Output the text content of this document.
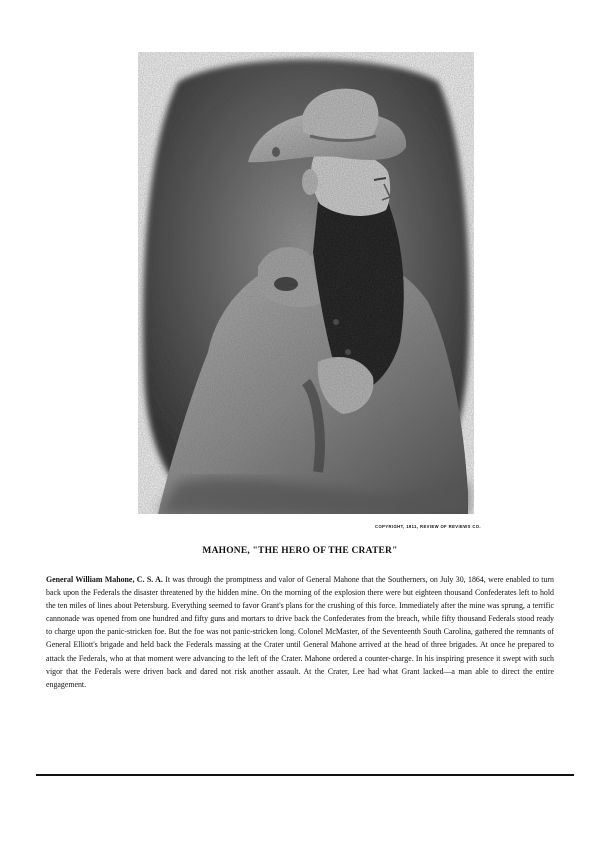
COPYRIGHT, 1911, REVIEW OF REVIEWS CO.
MAHONE, "THE HERO OF THE CRATER"

General William Mahone, C. S. A. It was through the promptness and valor of General Mahone that the Southerners, on July 30, 1864, were enabled to turn back upon the Federals the disaster threatened by the hidden mine. On the morning of the explosion there were but eighteen thousand Confederates left to hold the ten miles of lines about Petersburg. Everything seemed to favor Grant's plans for the crushing of this force. Immediately after the mine was sprung, a terrific cannonade was opened from one hundred and fifty guns and mortars to drive back the Confederates from the breach, while fifty thousand Federals stood ready to charge upon the panic-stricken foe. But the foe was not panic-stricken long. Colonel McMaster, of the Seventeenth South Carolina, gathered the remnants of General Elliott's brigade and held back the Federals massing at the Crater until General Mahone arrived at the head of three brigades. At once he prepared to attack the Federals, who at that moment were advancing to the left of the Crater. Mahone ordered a counter-charge. In his inspiring presence it swept with such vigor that the Federals were driven back and dared not risk another assault. At the Crater, Lee had what Grant lacked—a man able to direct the entire engagement.
